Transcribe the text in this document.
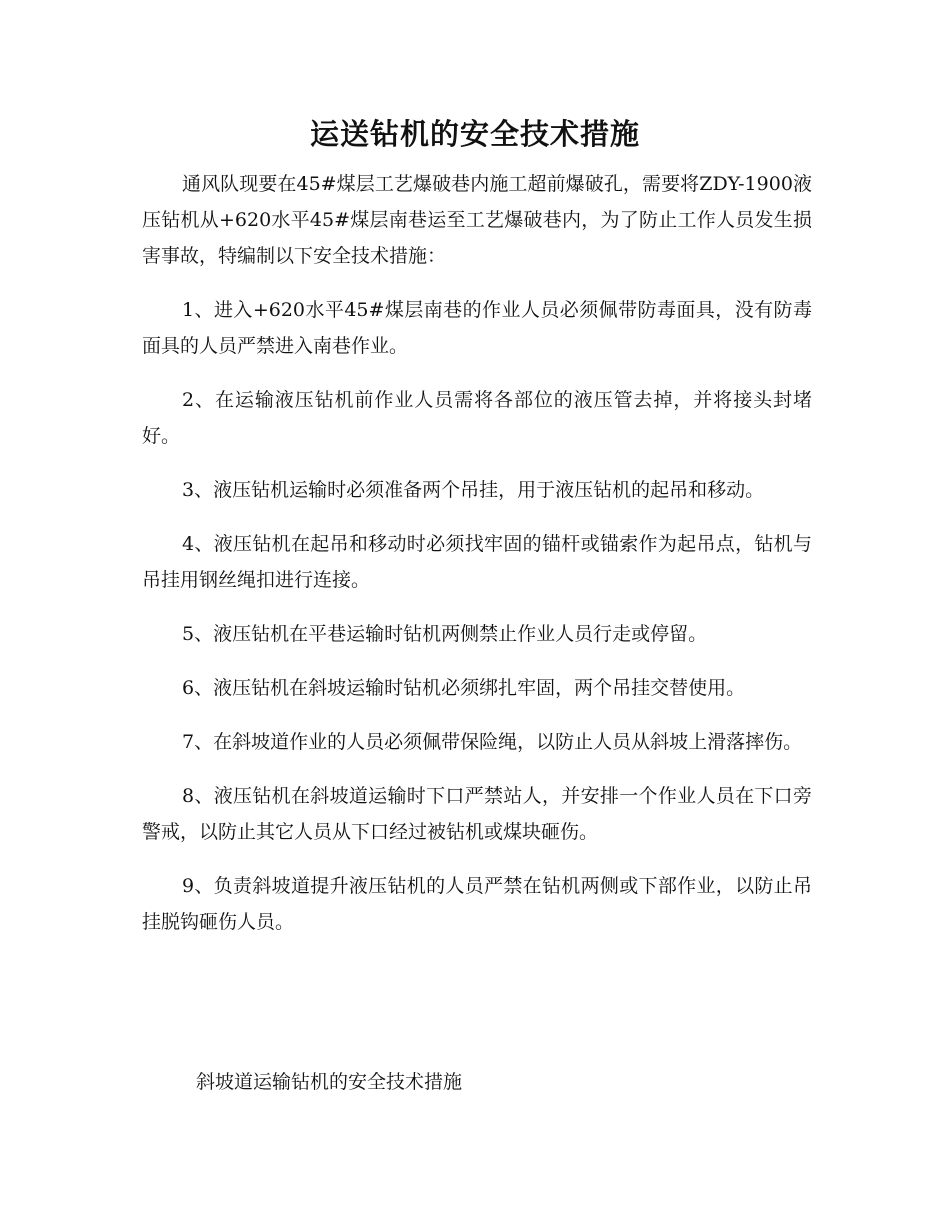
运送钻机的安全技术措施

通风队现要在45#煤层工艺爆破巷内施工超前爆破孔，需要将ZDY-1900液压钻机从+620水平45#煤层南巷运至工艺爆破巷内，为了防止工作人员发生损害事故，特编制以下安全技术措施：

1、进入+620水平45#煤层南巷的作业人员必须佩带防毒面具，没有防毒面具的人员严禁进入南巷作业。

2、在运输液压钻机前作业人员需将各部位的液压管去掉，并将接头封堵好。

3、液压钻机运输时必须准备两个吊挂，用于液压钻机的起吊和移动。

4、液压钻机在起吊和移动时必须找牢固的锚杆或锚索作为起吊点，钻机与吊挂用钢丝绳扣进行连接。

5、液压钻机在平巷运输时钻机两侧禁止作业人员行走或停留。

6、液压钻机在斜坡运输时钻机必须绑扎牢固，两个吊挂交替使用。

7、在斜坡道作业的人员必须佩带保险绳，以防止人员从斜坡上滑落摔伤。

8、液压钻机在斜坡道运输时下口严禁站人，并安排一个作业人员在下口旁警戒，以防止其它人员从下口经过被钻机或煤块砸伤。

9、负责斜坡道提升液压钻机的人员严禁在钻机两侧或下部作业，以防止吊挂脱钩砸伤人员。

斜坡道运输钻机的安全技术措施
